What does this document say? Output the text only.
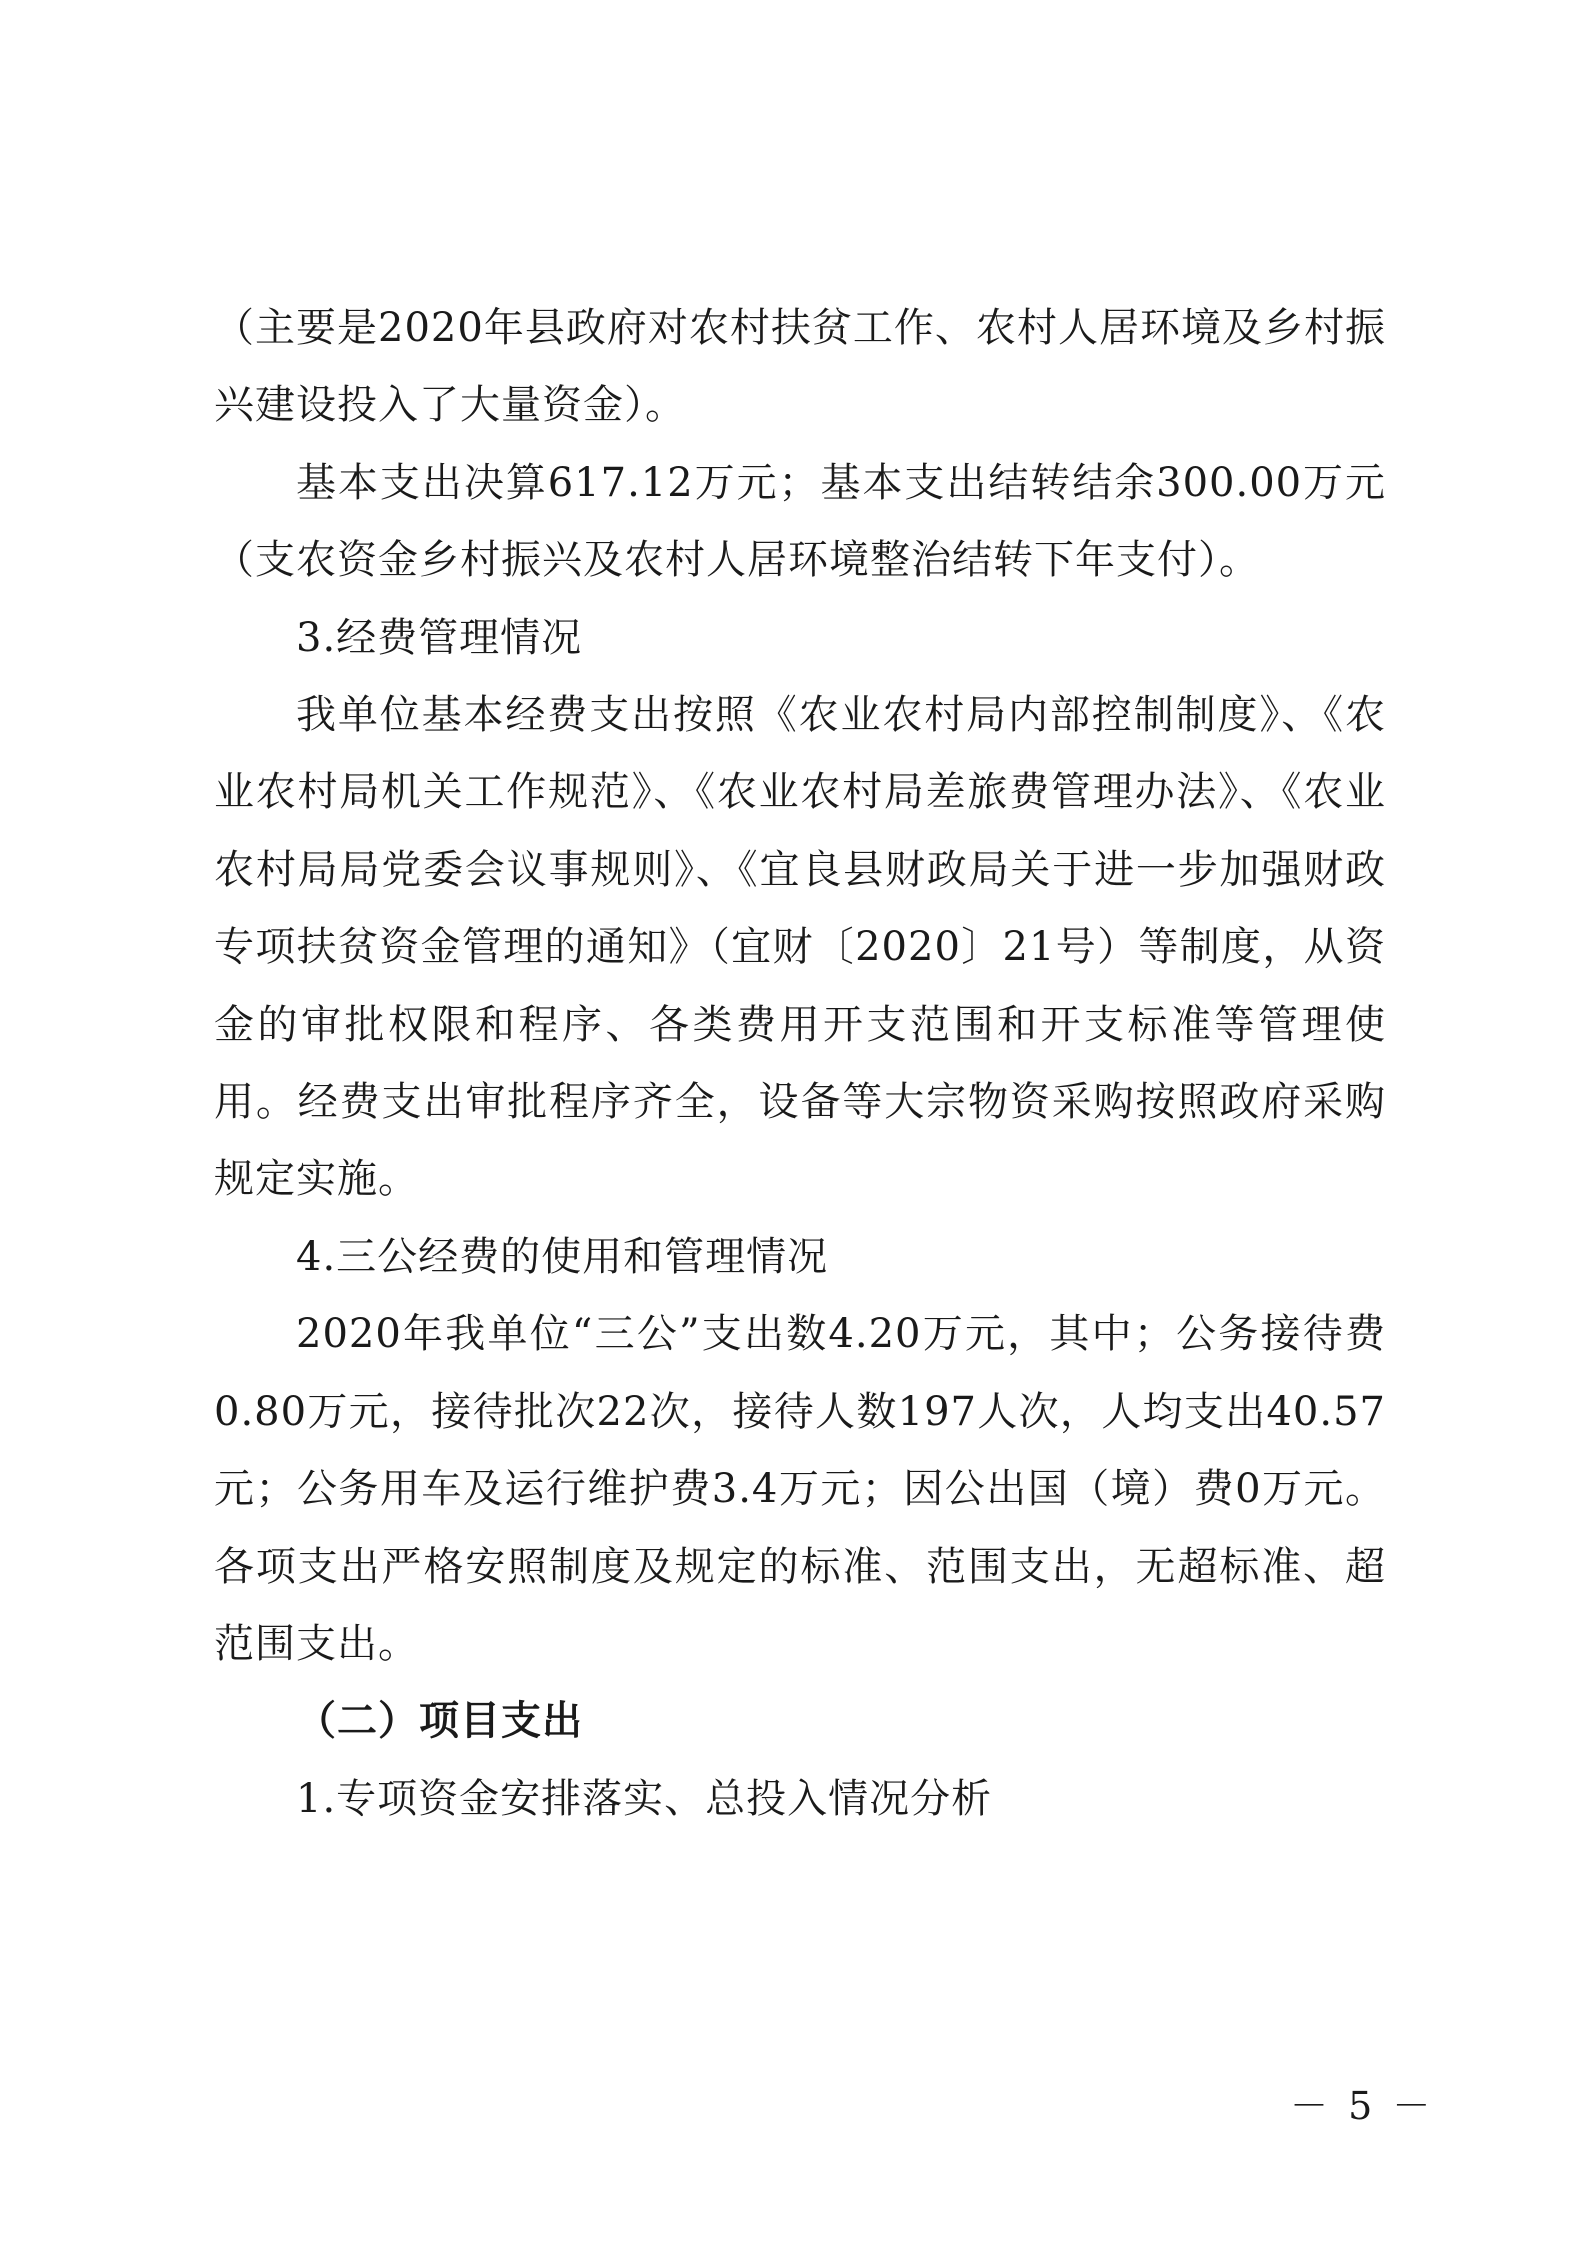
（主要是2020年县政府对农村扶贫工作、农村人居环境及乡村振兴建设投入了大量资金）。

基本支出决算617.12万元；基本支出结转结余300.00万元（支农资金乡村振兴及农村人居环境整治结转下年支付）。

3.经费管理情况

我单位基本经费支出按照《农业农村局内部控制制度》、《农业农村局机关工作规范》、《农业农村局差旅费管理办法》、《农业农村局局党委会议事规则》、《宜良县财政局关于进一步加强财政专项扶贫资金管理的通知》（宜财〔2020〕21号）等制度，从资金的审批权限和程序、各类费用开支范围和开支标准等管理使用。经费支出审批程序齐全，设备等大宗物资采购按照政府采购规定实施。

4.三公经费的使用和管理情况

2020年我单位“三公”支出数4.20万元，其中；公务接待费0.80万元，接待批次22次，接待人数197人次，人均支出40.57元；公务用车及运行维护费3.4万元；因公出国（境）费0万元。各项支出严格安照制度及规定的标准、范围支出，无超标准、超范围支出。

（二）项目支出

1.专项资金安排落实、总投入情况分析

－ 5 －
